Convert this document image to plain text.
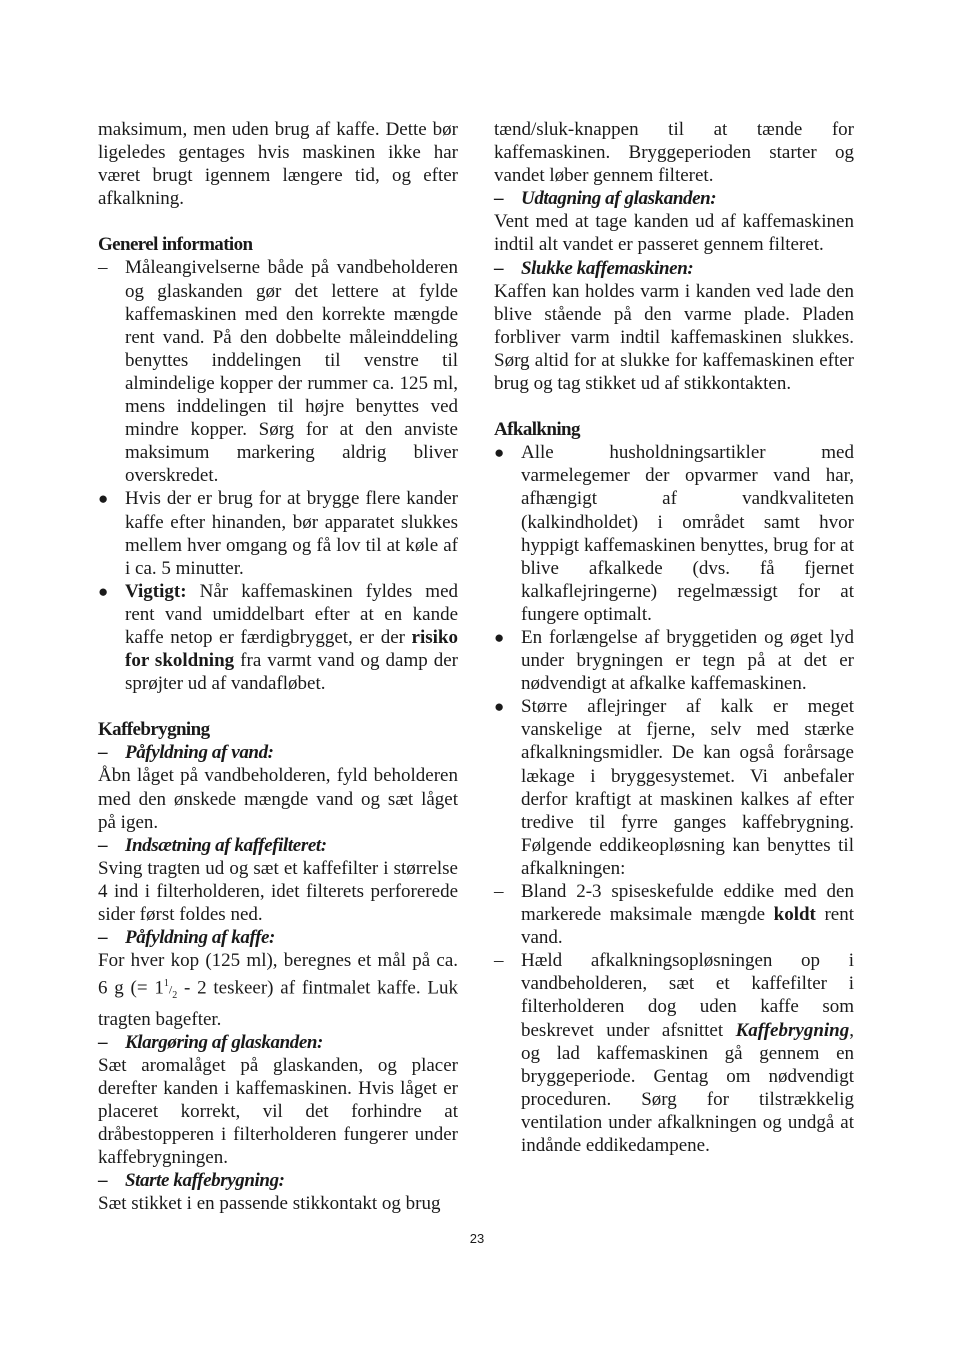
maksimum, men uden brug af kaffe. Dette bør ligeledes gentages hvis maskinen ikke har været brugt igennem længere tid, og efter afkalkning.

Generel information
– Måleangivelserne både på vandbeholderen og glaskanden gør det lettere at fylde kaffemaskinen med den korrekte mængde rent vand. På den dobbelte måleinddeling benyttes inddelingen til venstre til almindelige kopper der rummer ca. 125 ml, mens inddelingen til højre benyttes ved mindre kopper. Sørg for at den anviste maksimum markering aldrig bliver overskredet.
● Hvis der er brug for at brygge flere kander kaffe efter hinanden, bør apparatet slukkes mellem hver omgang og få lov til at køle af i ca. 5 minutter.
● Vigtigt: Når kaffemaskinen fyldes med rent vand umiddelbart efter at en kande kaffe netop er færdigbrygget, er der risiko for skoldning fra varmt vand og damp der sprøjter ud af vandafløbet.
Kaffebrygning
– Påfyldning af vand:

Åbn låget på vandbeholderen, fyld beholderen med den ønskede mængde vand og sæt låget på igen.

– Indsætning af kaffefilteret:

Sving tragten ud og sæt et kaffefilter i størrelse 4 ind i filterholderen, idet filterets perforerede sider først foldes ned.

– Påfyldning af kaffe:

For hver kop (125 ml), beregnes et mål på ca. 6 g (= $1^1/_2 - 2$ teskeer) af fintmalet kaffe. Luk tragten bagefter.

– Klargøring af glaskanden:

Sæt aromalåget på glaskanden, og placer derefter kanden i kaffemaskinen. Hvis låget er placeret korrekt, vil det forhindre at dråbestopperen i filterholderen fungerer under kaffebrygningen.

– Starte kaffebrygning:

Sæt stikket i en passende stikkontakt og brug

tænd/sluk-knappen til at tænde for kaffemaskinen. Bryggeperioden starter og vandet løber gennem filteret.

– Udtagning af glaskanden:

Vent med at tage kanden ud af kaffemaskinen indtil alt vandet er passeret gennem filteret.

– Slukke kaffemaskinen:

Kaffen kan holdes varm i kanden ved lade den blive stående på den varme plade. Pladen forbliver varm indtil kaffemaskinen slukkes. Sørg altid for at slukke for kaffemaskinen efter brug og tag stikket ud af stikkontakten.

Afkalkning
● Alle husholdningsartikler med varmelegemer der opvarmer vand har, afhængigt af vandkvaliteten (kalkindholdet) i området samt hvor hyppigt kaffemaskinen benyttes, brug for at blive afkalkede (dvs. få fjernet kalkaflejringerne) regelmæssigt for at fungere optimalt.
● En forlængelse af bryggetiden og øget lyd under brygningen er tegn på at det er nødvendigt at afkalke kaffemaskinen.
● Større aflejringer af kalk er meget vanskelige at fjerne, selv med stærke afkalkningsmidler. De kan også forårsage lækage i bryggesystemet. Vi anbefaler derfor kraftigt at maskinen kalkes af efter tredive til fyrre ganges kaffebrygning. Følgende eddikeopløsning kan benyttes til afkalkningen:
– Bland 2-3 spiseskefulde eddike med den markerede maksimale mængde koldt rent vand.
– Hæld afkalkningsopløsningen op i vandbeholderen, sæt et kaffefilter i filterholderen dog uden kaffe som beskrevet under afsnittet Kaffebrygning, og lad kaffemaskinen gå gennem en bryggeperiode. Gentag om nødvendigt proceduren. Sørg for tilstrækkelig ventilation under afkalkningen og undgå at indånde eddikedampene.
23
